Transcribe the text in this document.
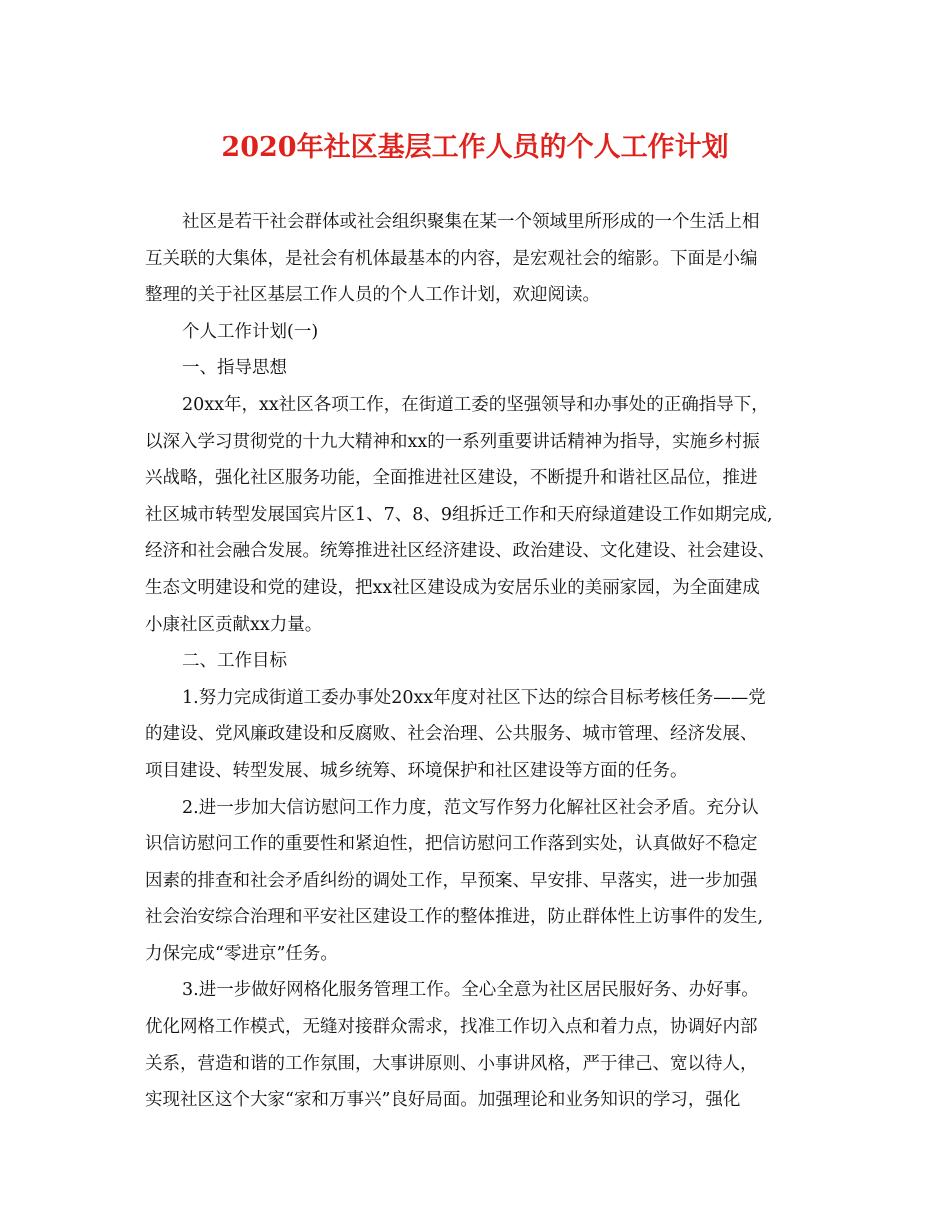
2020年社区基层工作人员的个人工作计划

社区是若干社会群体或社会组织聚集在某一个领域里所形成的一个生活上相
互关联的大集体，是社会有机体最基本的内容，是宏观社会的缩影。下面是小编
整理的关于社区基层工作人员的个人工作计划，欢迎阅读。

个人工作计划(一)

一、指导思想

20xx年，xx社区各项工作，在街道工委的坚强领导和办事处的正确指导下，
以深入学习贯彻党的十九大精神和xx的一系列重要讲话精神为指导，实施乡村振
兴战略，强化社区服务功能，全面推进社区建设，不断提升和谐社区品位，推进
社区城市转型发展国宾片区1、7、8、9组拆迁工作和天府绿道建设工作如期完成,
经济和社会融合发展。统筹推进社区经济建设、政治建设、文化建设、社会建设、
生态文明建设和党的建设，把xx社区建设成为安居乐业的美丽家园，为全面建成
小康社区贡献xx力量。

二、工作目标

1.努力完成街道工委办事处20xx年度对社区下达的综合目标考核任务——党
的建设、党风廉政建设和反腐败、社会治理、公共服务、城市管理、经济发展、
项目建设、转型发展、城乡统筹、环境保护和社区建设等方面的任务。

2.进一步加大信访慰问工作力度，范文写作努力化解社区社会矛盾。充分认
识信访慰问工作的重要性和紧迫性，把信访慰问工作落到实处，认真做好不稳定
因素的排查和社会矛盾纠纷的调处工作，早预案、早安排、早落实，进一步加强
社会治安综合治理和平安社区建设工作的整体推进，防止群体性上访事件的发生,
力保完成“零进京”任务。

3.进一步做好网格化服务管理工作。全心全意为社区居民服好务、办好事。
优化网格工作模式，无缝对接群众需求，找准工作切入点和着力点，协调好内部
关系，营造和谐的工作氛围，大事讲原则、小事讲风格，严于律己、宽以待人，
实现社区这个大家“家和万事兴”良好局面。加强理论和业务知识的学习，强化
